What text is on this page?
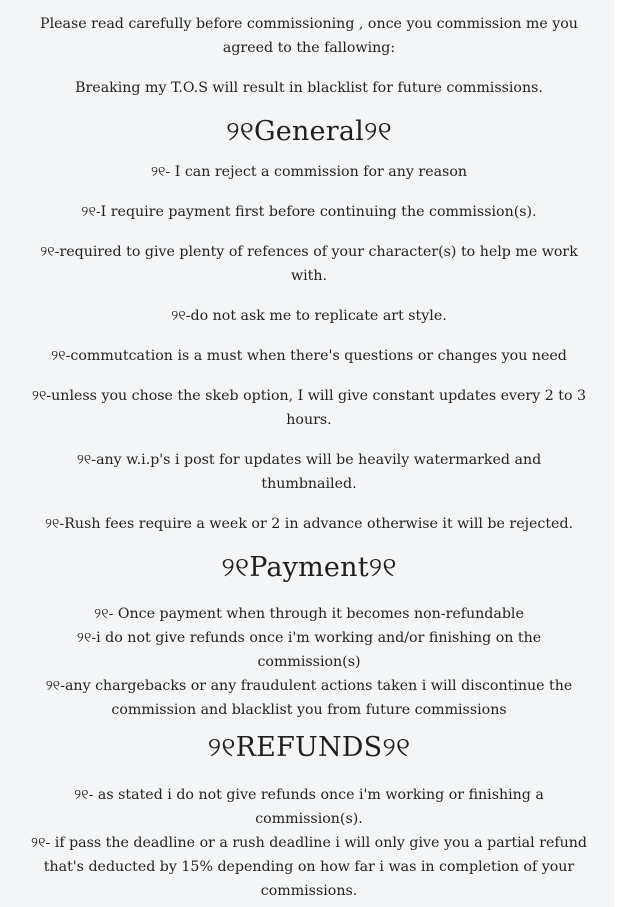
Please read carefully before commissioning , once you commission me you agreed to the fallowing:

Breaking my T.O.S will result in blacklist for future commissions.

୨୧General୨୧

୨୧- I can reject a commission for any reason

୨୧-I require payment first before continuing the commission(s).

୨୧-required to give plenty of refences of your character(s) to help me work with.

୨୧-do not ask me to replicate art style.

୨୧-commutcation is a must when there's questions or changes you need

୨୧-unless you chose the skeb option, I will give constant updates every 2 to 3 hours.

୨୧-any w.i.p's i post for updates will be heavily watermarked and thumbnailed.

୨୧-Rush fees require a week or 2 in advance otherwise it will be rejected.

୨୧Payment୨୧

୨୧- Once payment when through it becomes non-refundable

୨୧-i do not give refunds once i'm working and/or finishing on the commission(s)

୨୧-any chargebacks or any fraudulent actions taken i will discontinue the commission and blacklist you from future commissions

୨୧REFUNDS୨୧

୨୧- as stated i do not give refunds once i'm working or finishing a commission(s).

୨୧- if pass the deadline or a rush deadline i will only give you a partial refund that's deducted by 15% depending on how far i was in completion of your commissions.
